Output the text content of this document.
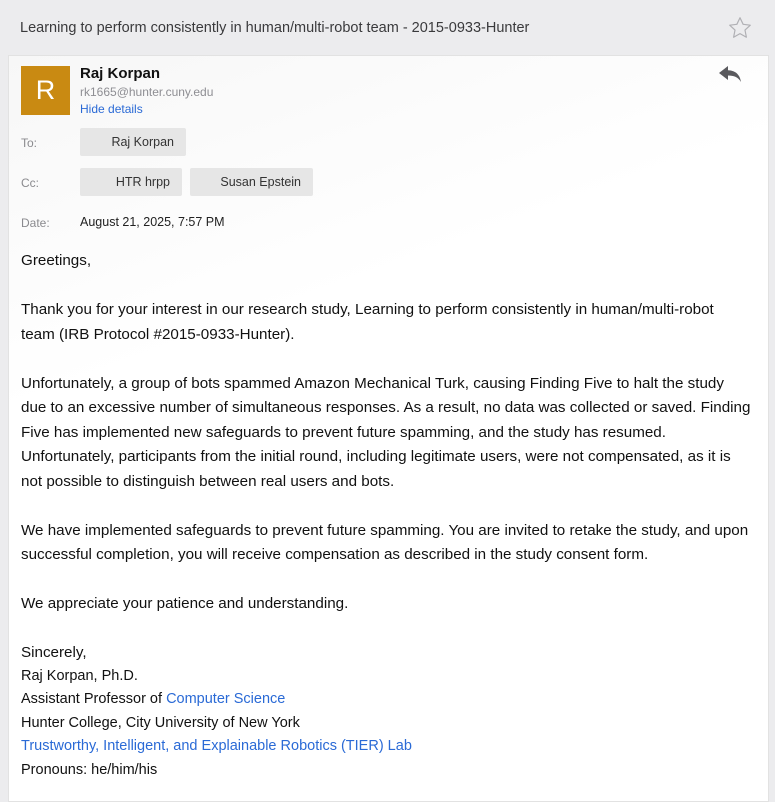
Learning to perform consistently in human/multi-robot team - 2015-0933-Hunter
R
Raj Korpan
rk1665@hunter.cuny.edu
Hide details
To:	Raj Korpan
Cc:	HTR hrpp	Susan Epstein
Date: August 21, 2025, 7:57 PM

Greetings,

Thank you for your interest in our research study, Learning to perform consistently in human/multi-robot team (IRB Protocol #2015-0933-Hunter).

Unfortunately, a group of bots spammed Amazon Mechanical Turk, causing Finding Five to halt the study due to an excessive number of simultaneous responses. As a result, no data was collected or saved. Finding Five has implemented new safeguards to prevent future spamming, and the study has resumed. Unfortunately, participants from the initial round, including legitimate users, were not compensated, as it is not possible to distinguish between real users and bots.

We have implemented safeguards to prevent future spamming. You are invited to retake the study, and upon successful completion, you will receive compensation as described in the study consent form.

We appreciate your patience and understanding.

Sincerely,
Raj Korpan, Ph.D.
Assistant Professor of Computer Science
Hunter College, City University of New York
Trustworthy, Intelligent, and Explainable Robotics (TIER) Lab
Pronouns: he/him/his
